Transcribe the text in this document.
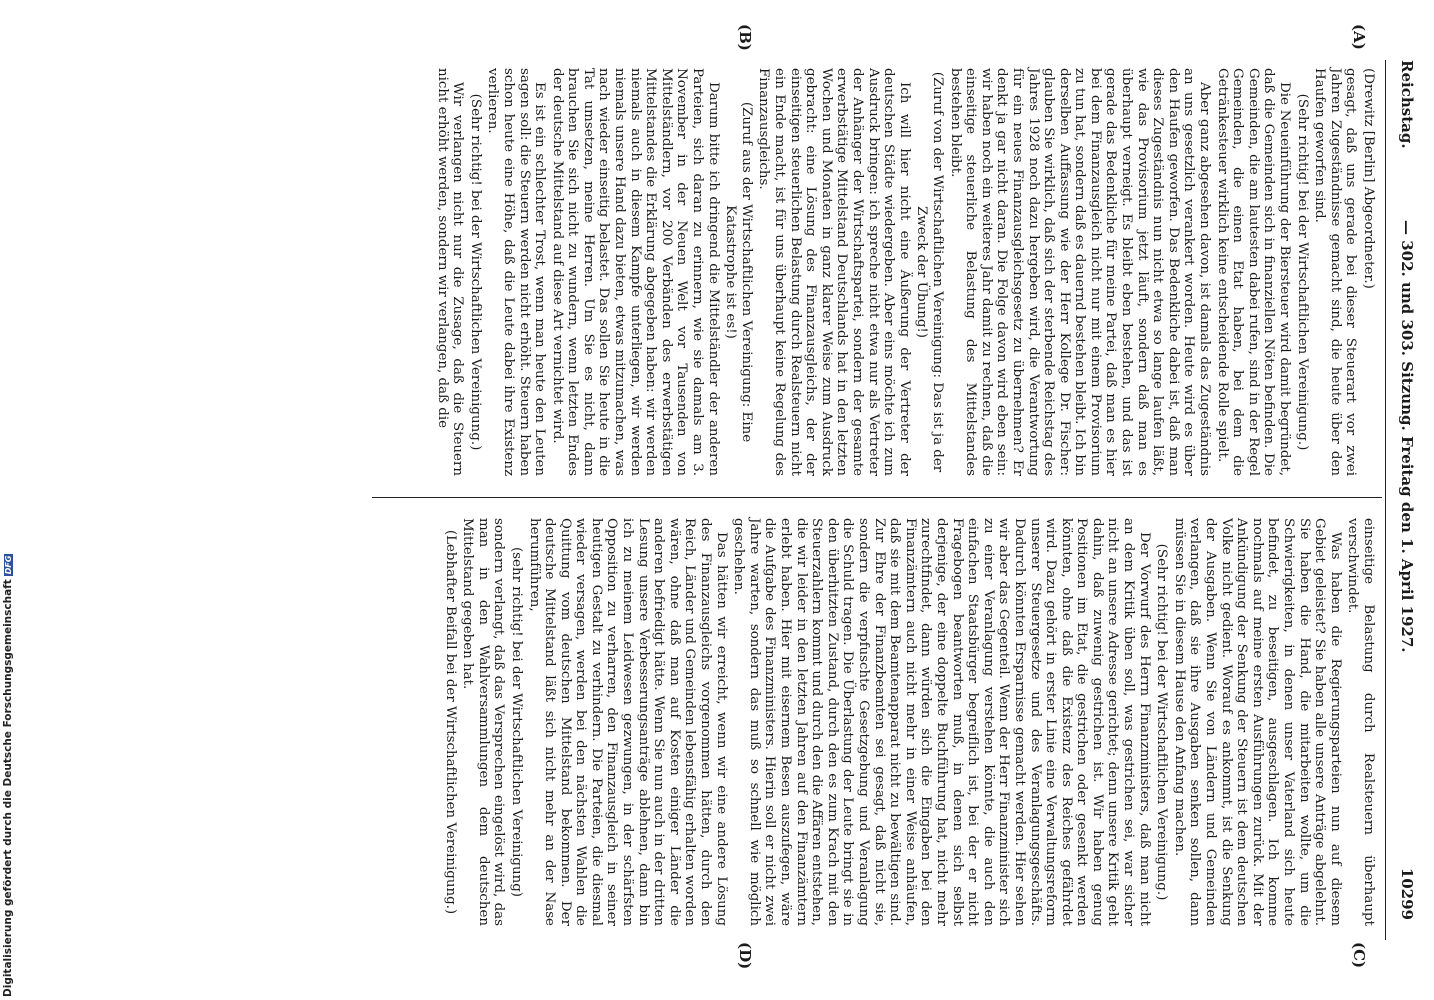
Reichstag.
— 302. und 303. Sitzung. Freitag den 1. April 1927.
10299
(A)
(B)
(C)
(D)

(Drewitz [Berlin] Abgeordneter.)

gesagt, daß uns gerade bei dieser Steuerart vor zwei Jahren Zugeständnisse gemacht sind, die heute über den Haufen geworfen sind.

(Sehr richtig! bei der Wirtschaftlichen Vereinigung.)

Die Neueinführung der Biersteuer wird damit begründet, daß die Gemeinden sich in finanziellen Nöten befinden. Die Gemeinden, die am lautesten dabei rufen, sind in der Regel Gemeinden, die einen Etat haben, bei dem die Getränkesteuer wirklich keine entscheidende Rolle spielt.

Aber ganz abgesehen davon, ist damals das Zugeständnis an uns gesetzlich verankert worden. Heute wird es über den Haufen geworfen. Das Bedenkliche dabei ist, daß man dieses Zugeständnis nun nicht etwa so lange laufen läßt, wie das Provisorium jetzt läuft, sondern daß man es überhaupt verneigt. Es bleibt eben bestehen, und das ist gerade das Bedenkliche für meine Partei, daß man es hier bei dem Finanzausgleich nicht nur mit einem Provisorium zu tun hat, sondern daß es dauernd bestehen bleibt. Ich bin derselben Auffassung wie der Herr Kollege Dr. Fischer: glauben Sie wirklich, daß sich der sterbende Reichstag des Jahres 1928 noch dazu hergeben wird, die Verantwortung für ein neues Finanzausgleichsgesetz zu übernehmen? Er denkt ja gar nicht daran. Die Folge davon wird eben sein: wir haben noch ein weiteres Jahr damit zu rechnen, daß die einseitige steuerliche Belastung des Mittelstandes bestehen bleibt.

(Zuruf von der Wirtschaftlichen Vereinigung: Das ist ja der Zweck der Übung!)

Ich will hier nicht eine Äußerung der Vertreter der deutschen Städte wiedergeben. Aber eins möchte ich zum Ausdruck bringen: ich spreche nicht etwa nur als Vertreter der Anhänger der Wirtschaftspartei, sondern der gesamte erwerbstätige Mittelstand Deutschlands hat in den letzten Wochen und Monaten in ganz klarer Weise zum Ausdruck gebracht: eine Lösung des Finanzausgleichs, der der einseitigen steuerlichen Belastung durch Realsteuern nicht ein Ende macht, ist für uns überhaupt keine Regelung des Finanzausgleichs.

(Zuruf aus der Wirtschaftlichen Vereinigung: Eine Katastrophe ist es!)

Darum bitte ich dringend die Mittelständler der anderen Parteien, sich daran zu erinnern, wie sie damals am 3. November in der Neuen Welt vor Tausenden von Mittelständlern, vor 200 Verbänden des erwerbstätigen Mittelstandes die Erklärung abgegeben haben: wir werden niemals auch in diesem Kampfe unterliegen, wir werden niemals unsere Hand dazu bieten, etwas mitzumachen, was nach wieder einseitig belastet. Das sollen Sie heute in die Tat umsetzen, meine Herren. Um Sie es nicht, dann brauchen Sie sich nicht zu wundern, wenn letzten Endes der deutsche Mittelstand auf diese Art vernichtet wird.

Es ist ein schlechter Trost, wenn man heute den Leuten sagen soll: die Steuern werden nicht erhöht. Steuern haben schon heute eine Höhe, daß die Leute dabei ihre Existenz verlieren.

(Sehr richtig! bei der Wirtschaftlichen Vereinigung.)

Wir verlangen nicht nur die Zusage, daß die Steuern nicht erhöht werden, sondern wir verlangen, daß die

einseitige Belastung durch Realsteuern überhaupt verschwindet.

Was haben die Regierungsparteien nun auf diesem Gebiet geleistet? Sie haben alle unsere Anträge abgelehnt. Sie haben die Hand, die mitarbeiten wollte, um die Schwierigkeiten, in denen unser Vaterland sich heute befindet, zu beseitigen, ausgeschlagen. Ich komme nochmals auf meine ersten Ausführungen zurück. Mit der Ankündigung der Senkung der Steuern ist dem deutschen Volke nicht gedient. Worauf es ankommt, ist die Senkung der Ausgaben. Wenn Sie von Ländern und Gemeinden verlangen, daß sie ihre Ausgaben senken sollen, dann müssen Sie in diesem Hause den Anfang machen.

(Sehr richtig! bei der Wirtschaftlichen Vereinigung.)

Der Vorwurf des Herrn Finanzministers, daß man nicht an dem Kritik üben soll, was gestrichen sei, war sicher nicht an unsere Adresse gerichtet; denn unsere Kritik geht dahin, daß zuwenig gestrichen ist. Wir haben genug Positionen im Etat, die gestrichen oder gesenkt werden könnten, ohne daß die Existenz des Reiches gefährdet wird. Dazu gehört in erster Linie eine Verwaltungsreform unserer Steuergesetze und des Veranlagungsgeschäfts. Dadurch könnten Ersparnisse gemacht werden. Hier sehen wir aber das Gegenteil. Wenn der Herr Finanzminister sich zu einer Veranlagung verstehen könnte, die auch den einfachen Staatsbürger begreiflich ist, bei der er nicht Fragebogen beantworten muß, in denen sich selbst derjenige, der eine doppelte Buchführung hat, nicht mehr zurechtfindet, dann würden sich die Eingaben bei den Finanzämtern auch nicht mehr in einer Weise anhäufen, daß sie mit dem Beamtenapparat nicht zu bewältigen sind. Zur Ehre der Finanzbeamten sei gesagt, daß nicht sie, sondern die verpfuschte Gesetzgebung und Veranlagung die Schuld tragen. Die Überlastung der Leute bringt sie in den überhitzten Zustand, durch den es zum Krach mit den Steuerzahlern kommt und durch den die Affären entstehen, die wir leider in den letzten Jahren auf den Finanzämtern erlebt haben. Hier mit eisernem Besen auszufegen, wäre die Aufgabe des Finanzministers. Hierin soll er nicht zwei Jahre warten, sondern das muß so schnell wie möglich geschehen.

Das hätten wir erreicht, wenn wir eine andere Lösung des Finanzausgleichs vorgenommen hätten, durch den Reich, Länder und Gemeinden lebensfähig erhalten worden wären, ohne daß man auf Kosten einiger Länder die anderen befriedigt hätte. Wenn Sie nun auch in der dritten Lesung unsere Verbesserungsanträge ablehnen, dann bin ich zu meinem Leidwesen gezwungen, in der schärfsten Opposition zu verharren, den Finanzausgleich in seiner heutigen Gestalt zu verhindern. Die Parteien, die diesmal wieder versagen, werden bei den nächsten Wahlen die Quittung vom deutschen Mittelstand bekommen. Der deutsche Mittelstand läßt sich nicht mehr an der Nase herumführen,

(sehr richtig! bei der Wirtschaftlichen Vereinigung)

sondern verlangt, daß das Versprechen eingelöst wird, das man in den Wahlversammlungen dem deutschen Mittelstand gegeben hat.

(Lebhafter Beifall bei der Wirtschaftlichen Vereinigung.)

Digitalisierung gefördert durch die Deutsche ForschungsgemeinschaftDFG
